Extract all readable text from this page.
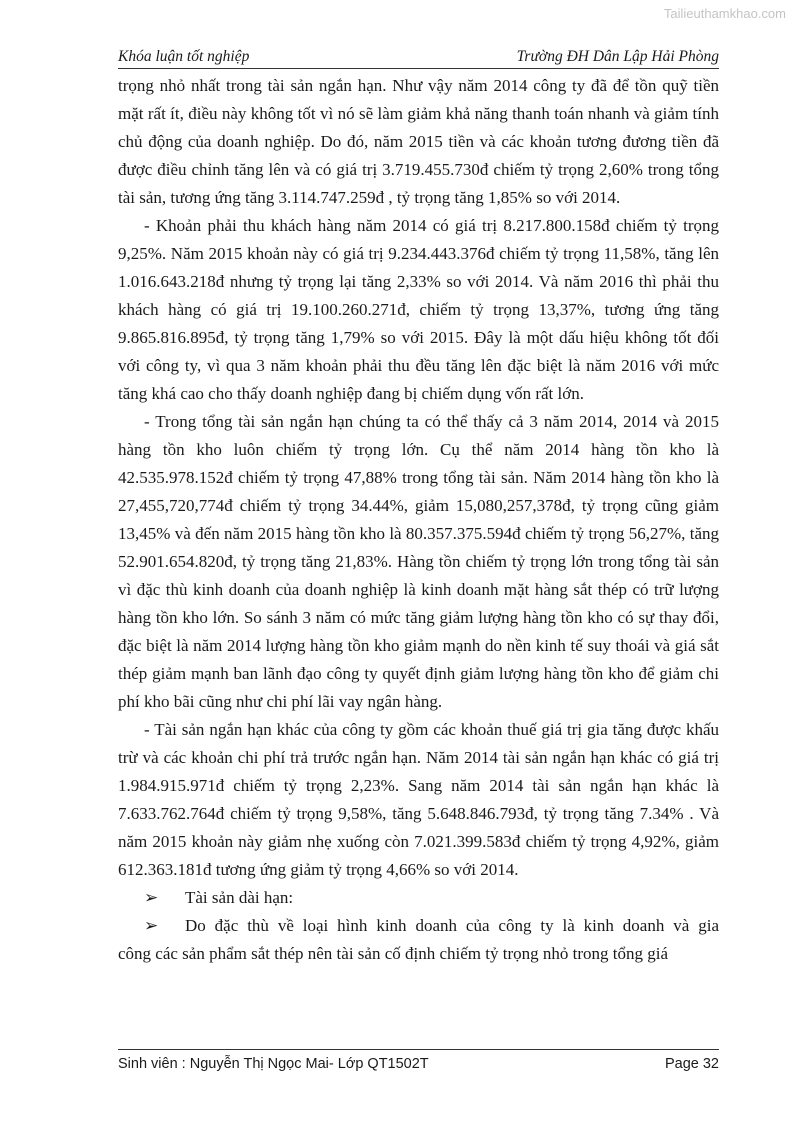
Tailieuthamkhao.com
Khóa luận tốt nghiệp	Trường ĐH Dân Lập Hải Phòng

trọng nhỏ nhất trong tài sản ngắn hạn. Như vậy năm 2014 công ty đã để tồn quỹ tiền mặt rất ít, điều này không tốt vì nó sẽ làm giảm khả năng thanh toán nhanh và giảm tính chủ động của doanh nghiệp. Do đó, năm 2015 tiền và các khoản tương đương tiền đã được điều chỉnh tăng lên và có giá trị 3.719.455.730đ chiếm tỷ trọng 2,60% trong tổng tài sản, tương ứng tăng 3.114.747.259đ , tỷ trọng tăng 1,85% so với 2014.

- Khoản phải thu khách hàng năm 2014 có giá trị 8.217.800.158đ chiếm tỷ trọng 9,25%. Năm 2015 khoản này có giá trị 9.234.443.376đ chiếm tỷ trọng 11,58%, tăng lên 1.016.643.218đ nhưng tỷ trọng lại tăng 2,33% so với 2014. Và năm 2016 thì phải thu khách hàng có giá trị 19.100.260.271đ, chiếm tỷ trọng 13,37%, tương ứng tăng 9.865.816.895đ, tỷ trọng tăng 1,79% so với 2015. Đây là một dấu hiệu không tốt đối với công ty, vì qua 3 năm khoản phải thu đều tăng lên đặc biệt là năm 2016 với mức tăng khá cao cho thấy doanh nghiệp đang bị chiếm dụng vốn rất lớn.

- Trong tổng tài sản ngắn hạn chúng ta có thể thấy cả 3 năm 2014, 2014 và 2015 hàng tồn kho luôn chiếm tỷ trọng lớn. Cụ thể năm 2014 hàng tồn kho là 42.535.978.152đ chiếm tỷ trọng 47,88% trong tổng tài sản. Năm 2014 hàng tồn kho là 27,455,720,774đ chiếm tỷ trọng 34.44%, giảm 15,080,257,378đ, tỷ trọng cũng giảm 13,45% và đến năm 2015 hàng tồn kho là 80.357.375.594đ chiếm tỷ trọng 56,27%, tăng 52.901.654.820đ, tỷ trọng tăng 21,83%. Hàng tồn chiếm tỷ trọng lớn trong tổng tài sản vì đặc thù kinh doanh của doanh nghiệp là kinh doanh mặt hàng sắt thép có trữ lượng hàng tồn kho lớn. So sánh 3 năm có mức tăng giảm lượng hàng tồn kho có sự thay đổi, đặc biệt là năm 2014 lượng hàng tồn kho giảm mạnh do nền kinh tế suy thoái và giá sắt thép giảm mạnh ban lãnh đạo công ty quyết định giảm lượng hàng tồn kho để giảm chi phí kho bãi cũng như chi phí lãi vay ngân hàng.

- Tài sản ngắn hạn khác của công ty gồm các khoản thuế giá trị gia tăng được khấu trừ và các khoản chi phí trả trước ngắn hạn. Năm 2014 tài sản ngắn hạn khác có giá trị 1.984.915.971đ chiếm tỷ trọng 2,23%. Sang năm 2014 tài sản ngắn hạn khác là 7.633.762.764đ chiếm tỷ trọng 9,58%, tăng 5.648.846.793đ, tỷ trọng tăng 7.34% . Và năm 2015 khoản này giảm nhẹ xuống còn 7.021.399.583đ chiếm tỷ trọng 4,92%, giảm 612.363.181đ tương ứng giảm tỷ trọng 4,66% so với 2014.

➢	Tài sản dài hạn:
➢	Do đặc thù về loại hình kinh doanh của công ty là kinh doanh và gia
công các sản phẩm sắt thép nên tài sản cố định chiếm tỷ trọng nhỏ trong tổng giá
Sinh viên : Nguyễn Thị Ngọc Mai- Lớp QT1502T	Page 32
